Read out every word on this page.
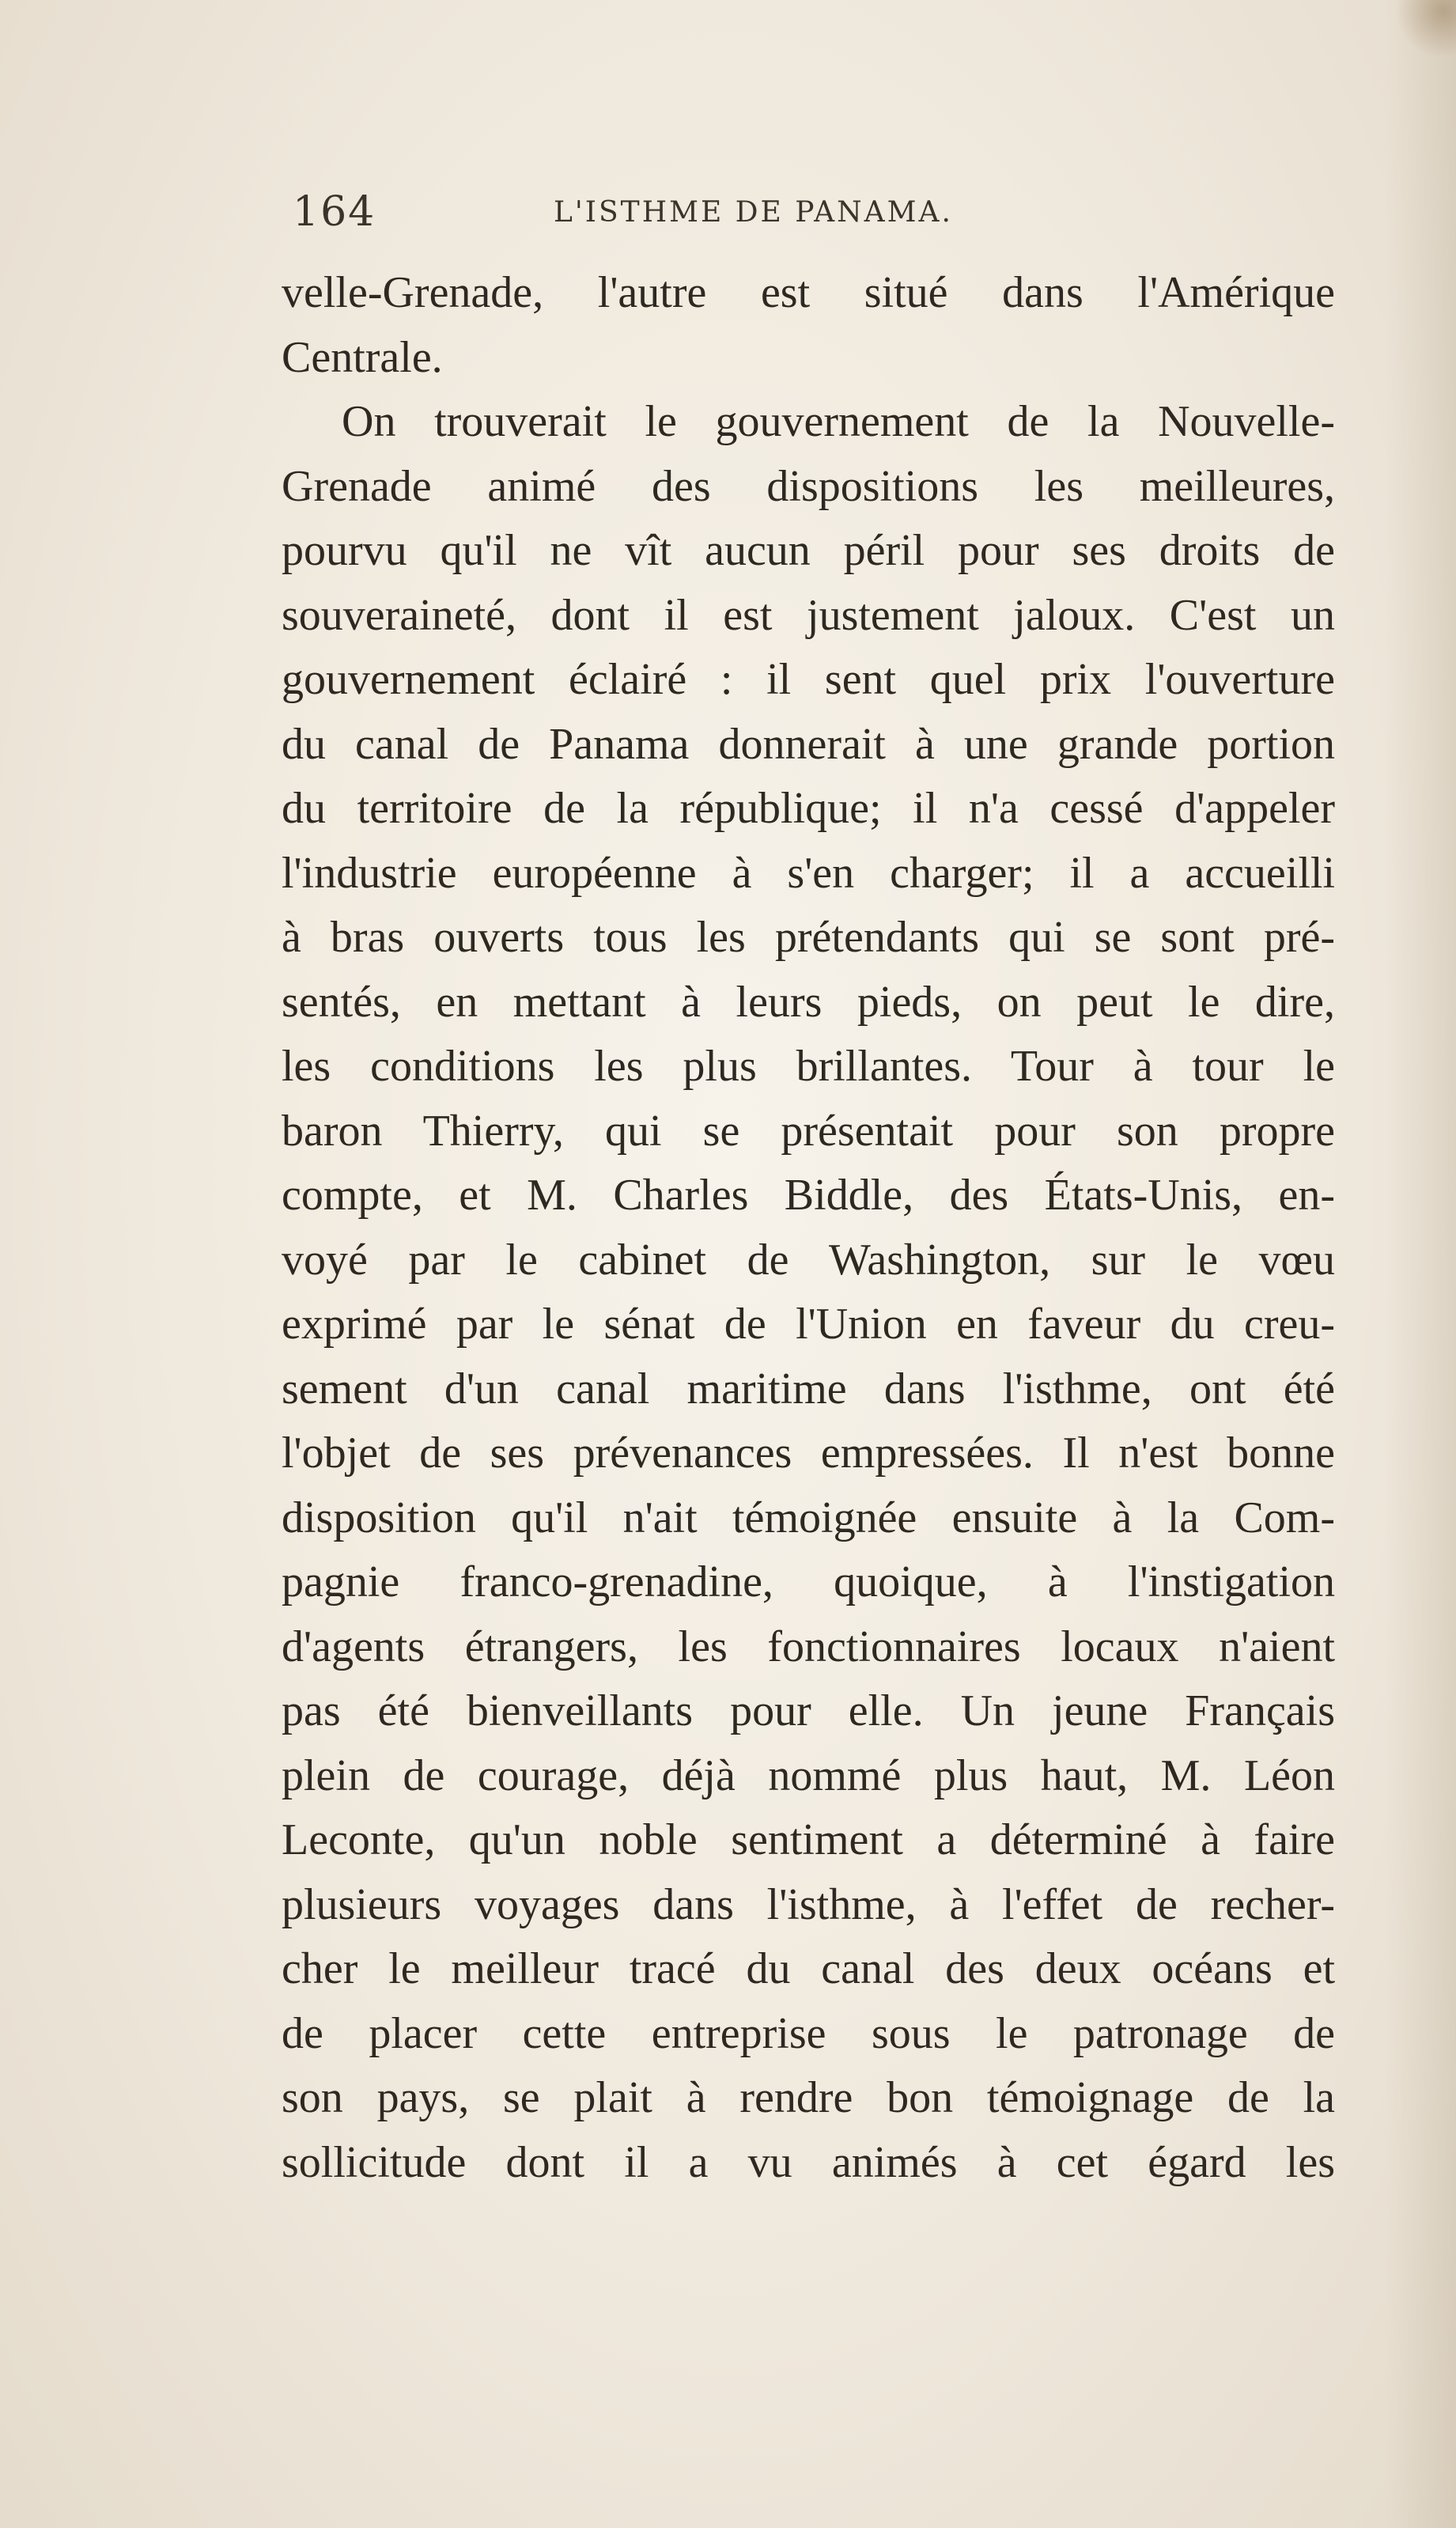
164	L'ISTHME DE PANAMA.
velle-Grenade, l'autre est situé dans l'Amérique
Centrale.
On trouverait le gouvernement de la Nouvelle-
Grenade animé des dispositions les meilleures,
pourvu qu'il ne vît aucun péril pour ses droits de
souveraineté, dont il est justement jaloux. C'est un
gouvernement éclairé : il sent quel prix l'ouverture
du canal de Panama donnerait à une grande portion
du territoire de la république; il n'a cessé d'appeler
l'industrie européenne à s'en charger; il a accueilli
à bras ouverts tous les prétendants qui se sont pré-
sentés, en mettant à leurs pieds, on peut le dire,
les conditions les plus brillantes. Tour à tour le
baron Thierry, qui se présentait pour son propre
compte, et M. Charles Biddle, des États-Unis, en-
voyé par le cabinet de Washington, sur le vœu
exprimé par le sénat de l'Union en faveur du creu-
sement d'un canal maritime dans l'isthme, ont été
l'objet de ses prévenances empressées. Il n'est bonne
disposition qu'il n'ait témoignée ensuite à la Com-
pagnie franco-grenadine, quoique, à l'instigation
d'agents étrangers, les fonctionnaires locaux n'aient
pas été bienveillants pour elle. Un jeune Français
plein de courage, déjà nommé plus haut, M. Léon
Leconte, qu'un noble sentiment a déterminé à faire
plusieurs voyages dans l'isthme, à l'effet de recher-
cher le meilleur tracé du canal des deux océans et
de placer cette entreprise sous le patronage de
son pays, se plait à rendre bon témoignage de la
sollicitude dont il a vu animés à cet égard les
